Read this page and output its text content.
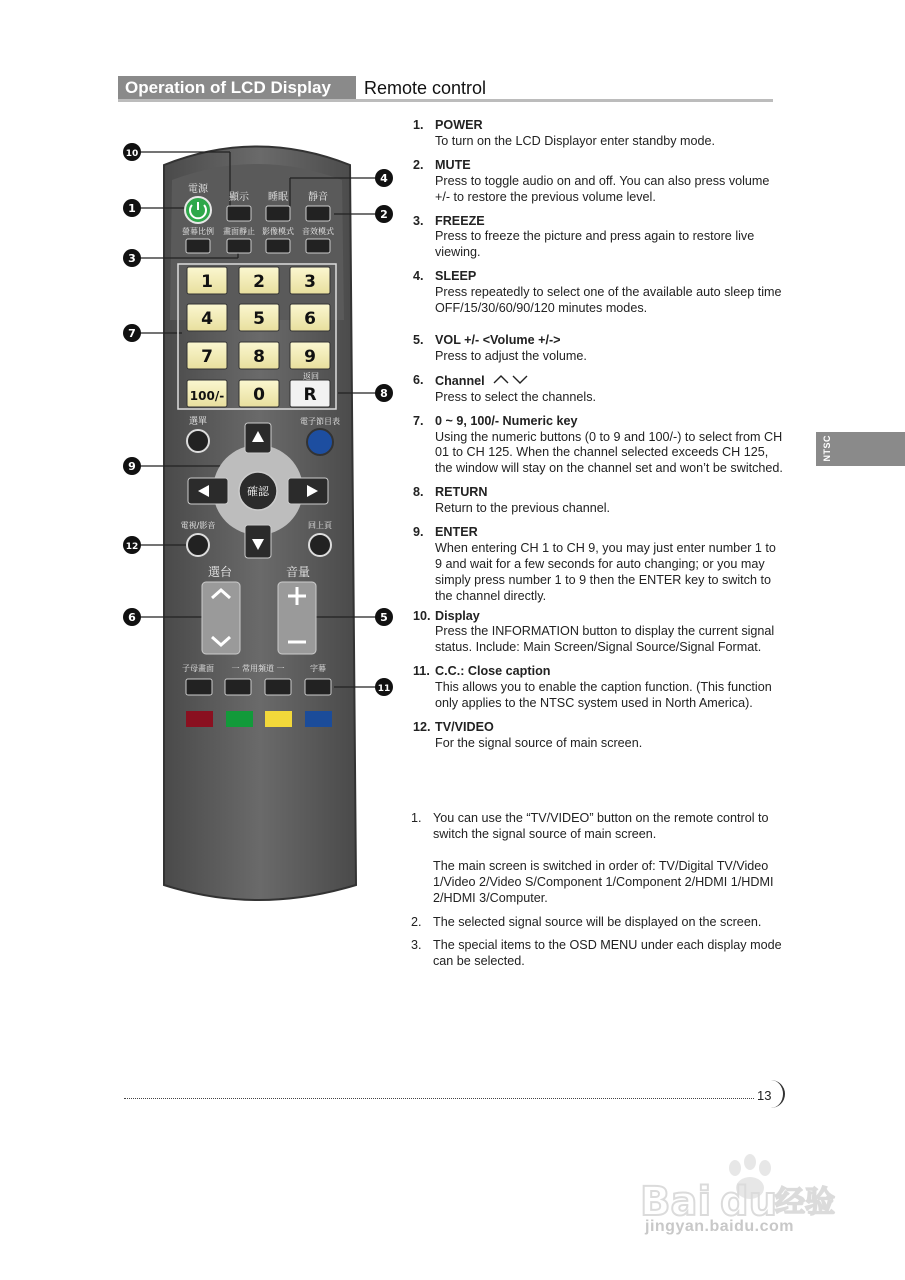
Operation of LCD Display	Remote control
電源
顯示 睡眠 靜音
螢幕比例 畫面靜止 影像模式 音效模式
1 2 3
4 5 6
7 8 9
100/- 0 R
返回
選單	電子節目表
確認
電視/影音	回上頁
選台	音量
子母畫面 一 常用頻道 一	字幕
10
1
4
2
3
7
8
9
12
6	5
11
NTSC
1. POWER
To turn on the LCD Displayor enter standby mode.
2. MUTE
Press to toggle audio on and off. You can also press volume +/- to restore the previous volume level.
3. FREEZE
Press to freeze the picture and press again to restore live viewing.
4. SLEEP
Press repeatedly to select one of the available auto sleep time OFF/15/30/60/90/120 minutes modes.
5. VOL +/- <Volume +/->
Press to adjust the volume.
6. Channel
Press to select the channels.
7. 0 ~ 9, 100/- Numeric key
Using the numeric buttons (0 to 9 and 100/-) to select from CH 01 to CH 125. When the channel selected exceeds CH 125, the window will stay on the channel set and won’t be switched.
8. RETURN
Return to the previous channel.
9. ENTER
When entering CH 1 to CH 9, you may just enter number 1 to 9 and wait for a few seconds for auto changing; or you may simply press number 1 to 9 then the ENTER key to switch to the channel directly.
10. Display
Press the INFORMATION button to display the current signal status. Include: Main Screen/Signal Source/Signal Format.
11. C.C.: Close caption
This allows you to enable the caption function. (This function only applies to the NTSC system used in North America).
12. TV/VIDEO
For the signal source of main screen.
1. You can use the “TV/VIDEO” button on the remote control to switch the signal source of main screen.
The main screen is switched in order of: TV/Digital TV/Video 1/Video 2/Video S/Component 1/Component 2/HDMI 1/HDMI 2/HDMI 3/Computer.
2. The selected signal source will be displayed on the screen.
3. The special items to the OSD MENU under each display mode can be selected.
13
Bai du
经验
jingyan.baidu.com
